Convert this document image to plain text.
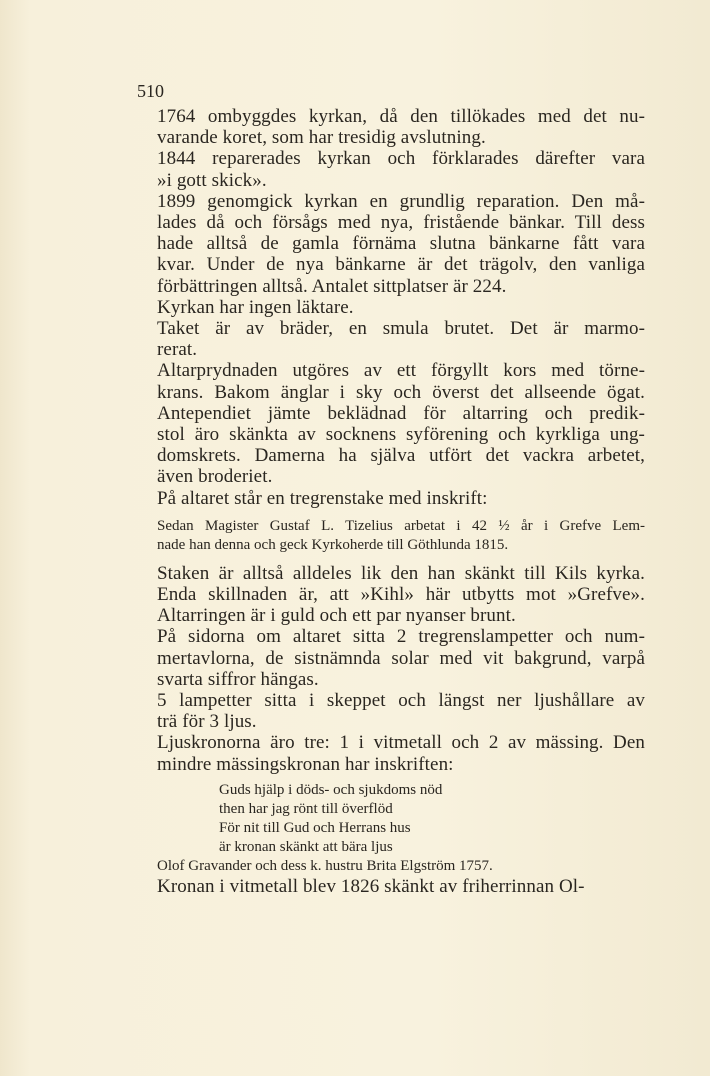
510
1764 ombyggdes kyrkan, då den tillökades med det nu-
varande koret, som har tresidig avslutning.
1844 reparerades kyrkan och förklarades därefter vara
»i gott skick».
1899 genomgick kyrkan en grundlig reparation. Den må-
lades då och försågs med nya, fristående bänkar. Till dess
hade alltså de gamla förnäma slutna bänkarne fått vara
kvar. Under de nya bänkarne är det trägolv, den vanliga
förbättringen alltså. Antalet sittplatser är 224.
Kyrkan har ingen läktare.
Taket är av bräder, en smula brutet. Det är marmo-
rerat.
Altarprydnaden utgöres av ett förgyllt kors med törne-
krans. Bakom änglar i sky och överst det allseende ögat.
Antependiet jämte beklädnad för altarring och predik-
stol äro skänkta av socknens syförening och kyrkliga ung-
domskrets. Damerna ha själva utfört det vackra arbetet,
även broderiet.
På altaret står en tregrenstake med inskrift:
Sedan Magister Gustaf L. Tizelius arbetat i 42 ½ år i Grefve Lem-
nade han denna och geck Kyrkoherde till Göthlunda 1815.
Staken är alltså alldeles lik den han skänkt till Kils kyrka.
Enda skillnaden är, att »Kihl» här utbytts mot »Grefve».
Altarringen är i guld och ett par nyanser brunt.
På sidorna om altaret sitta 2 tregrenslampetter och num-
mertavlorna, de sistnämnda solar med vit bakgrund, varpå
svarta siffror hängas.
5 lampetter sitta i skeppet och längst ner ljushållare av
trä för 3 ljus.
Ljuskronorna äro tre: 1 i vitmetall och 2 av mässing. Den
mindre mässingskronan har inskriften:
Guds hjälp i döds- och sjukdoms nöd
then har jag rönt till överflöd
För nit till Gud och Herrans hus
är kronan skänkt att bära ljus
Olof Gravander och dess k. hustru Brita Elgström 1757.
Kronan i vitmetall blev 1826 skänkt av friherrinnan Ol-
